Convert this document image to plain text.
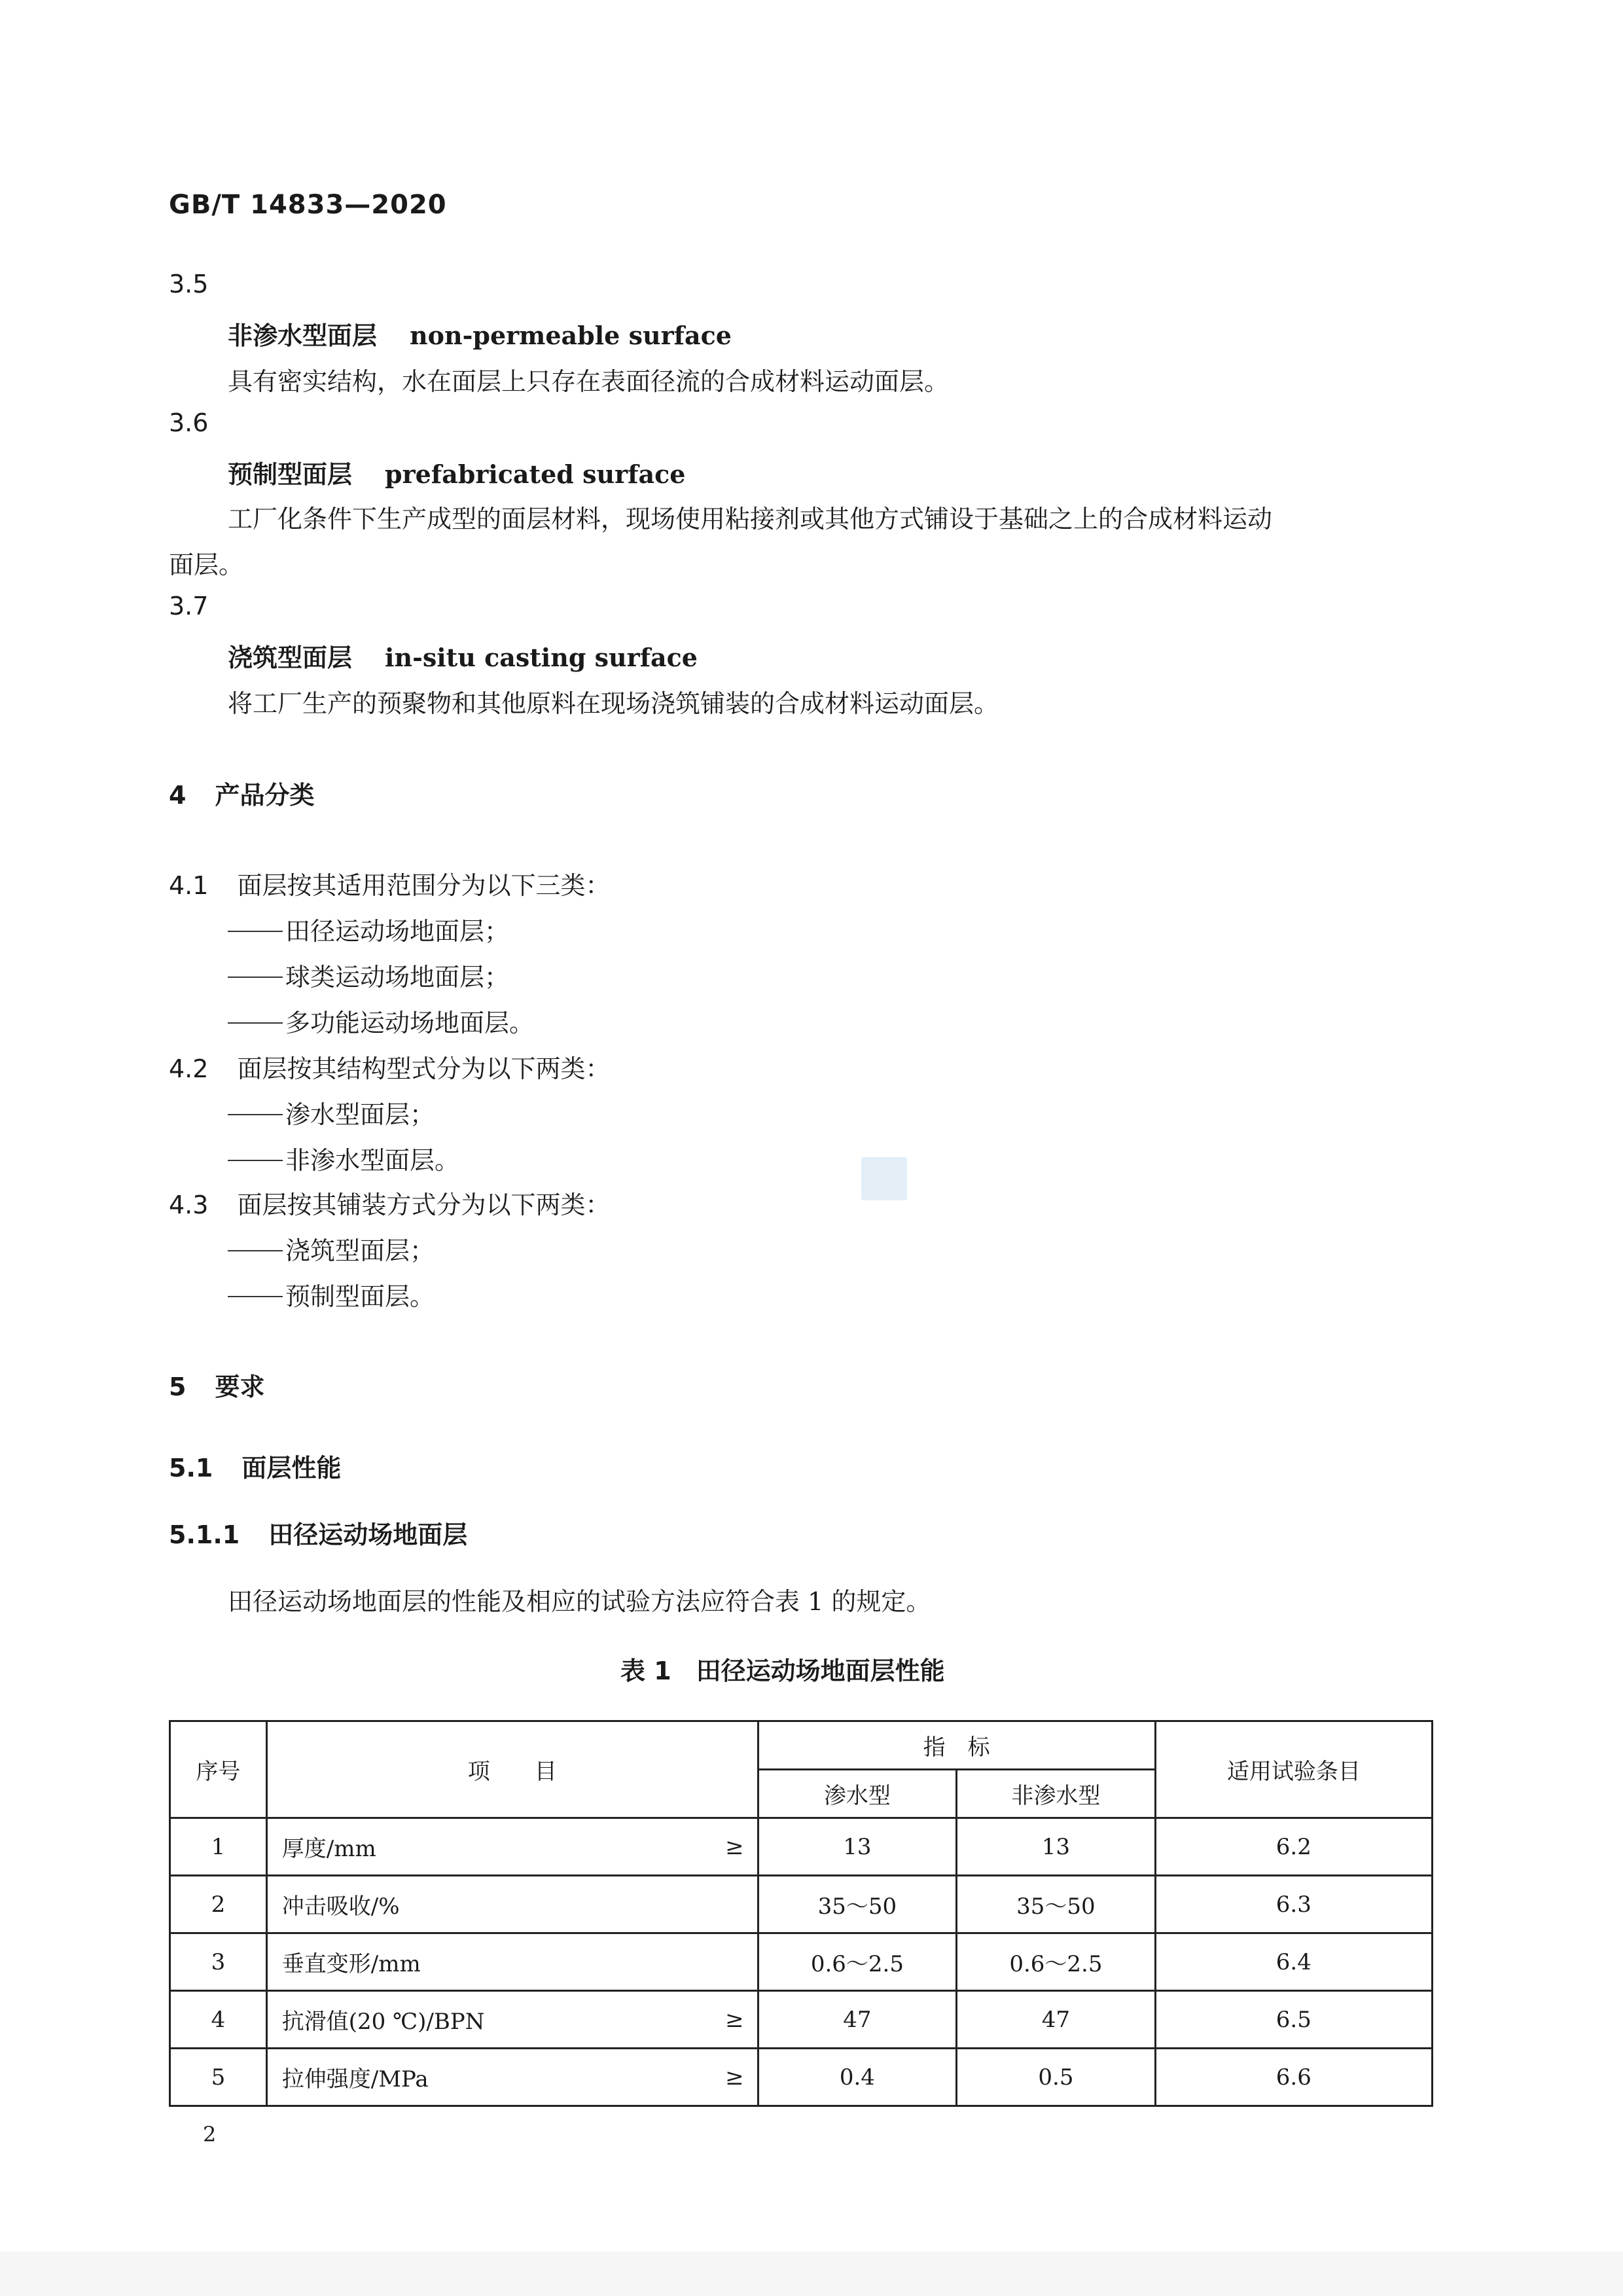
GB/T 14833—2020
3.5
非渗水型面层 non-permeable surface
具有密实结构，水在面层上只存在表面径流的合成材料运动面层。
3.6
预制型面层 prefabricated surface
工厂化条件下生产成型的面层材料，现场使用粘接剂或其他方式铺设于基础之上的合成材料运动
面层。
3.7
浇筑型面层 in-situ casting surface
将工厂生产的预聚物和其他原料在现场浇筑铺装的合成材料运动面层。
4 产品分类
4.1 面层按其适用范围分为以下三类：
田径运动场地面层；
球类运动场地面层；
多功能运动场地面层。
4.2 面层按其结构型式分为以下两类：
渗水型面层；
非渗水型面层。
4.3 面层按其铺装方式分为以下两类：
浇筑型面层；
预制型面层。
5 要求
5.1 面层性能
5.1.1 田径运动场地面层
田径运动场地面层的性能及相应的试验方法应符合表 1 的规定。
表 1　田径运动场地面层性能
序号	项　　目	指　标		适用试验条目
		渗水型	非渗水型	
1	厚度/mm ≥	13	13	6.2
2	冲击吸收/%	35～50	35～50	6.3
3	垂直变形/mm	0.6～2.5	0.6～2.5	6.4
4	抗滑值(20 ℃)/BPN ≥	47	47	6.5
5	拉伸强度/MPa ≥	0.4	0.5	6.6
2
